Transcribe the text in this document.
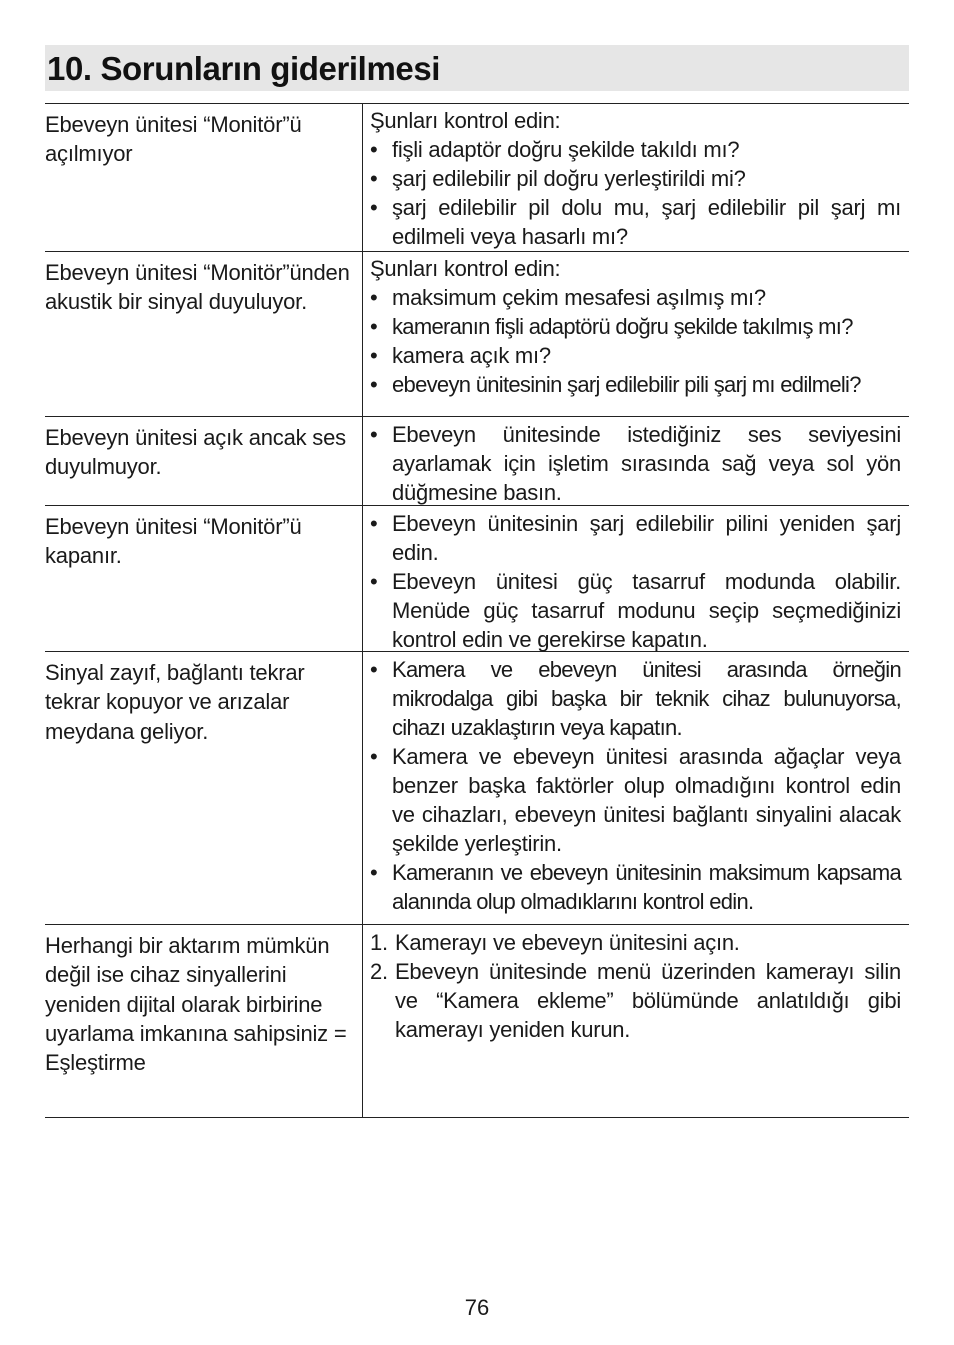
10. Sorunların giderilmesi
Ebeveyn ünitesi “Monitör”ü açılmıyor

Şunları kontrol edin:

• fişli adaptör doğru şekilde takıldı mı?
• şarj edilebilir pil doğru yerleştirildi mi?
• şarj edilebilir pil dolu mu, şarj edilebilir pil şarj mı edilmeli veya hasarlı mı?
Ebeveyn ünitesi “Monitör”ünden akustik bir sinyal duyuluyor.

Şunları kontrol edin:

• maksimum çekim mesafesi aşılmış mı?
• kameranın fişli adaptörü doğru şekilde takılmış mı?
• kamera açık mı?
• ebeveyn ünitesinin şarj edilebilir pili şarj mı edilmeli?
Ebeveyn ünitesi açık ancak ses duyulmuyor.
• Ebeveyn ünitesinde istediğiniz ses seviyesini ayarlamak için işletim sırasında sağ veya sol yön düğmesine basın.
Ebeveyn ünitesi “Monitör”ü kapanır.
• Ebeveyn ünitesinin şarj edilebilir pilini yeniden şarj edin.
• Ebeveyn ünitesi güç tasarruf modunda olabilir. Menüde güç tasarruf modunu seçip seçmediğinizi kontrol edin ve gerekirse kapatın.
Sinyal zayıf, bağlantı tekrar tekrar kopuyor ve arızalar meydana geliyor.
• Kamera ve ebeveyn ünitesi arasında örneğin mikrodalga gibi başka bir teknik cihaz bulunuyorsa, cihazı uzaklaştırın veya kapatın.
• Kamera ve ebeveyn ünitesi arasında ağaçlar veya benzer başka faktörler olup olmadığını kontrol edin ve cihazları, ebeveyn ünitesi bağlantı sinyalini alacak şekilde yerleştirin.
• Kameranın ve ebeveyn ünitesinin maksimum kapsama alanında olup olmadıklarını kontrol edin.
Herhangi bir aktarım mümkün değil ise cihaz sinyallerini yeniden dijital olarak birbirine uyarlama imkanına sahipsiniz = Eşleştirme
1. Kamerayı ve ebeveyn ünitesini açın.
2. Ebeveyn ünitesinde menü üzerinden kamerayı silin ve “Kamera ekleme” bölümünde anlatıldığı gibi kamerayı yeniden kurun.
76
